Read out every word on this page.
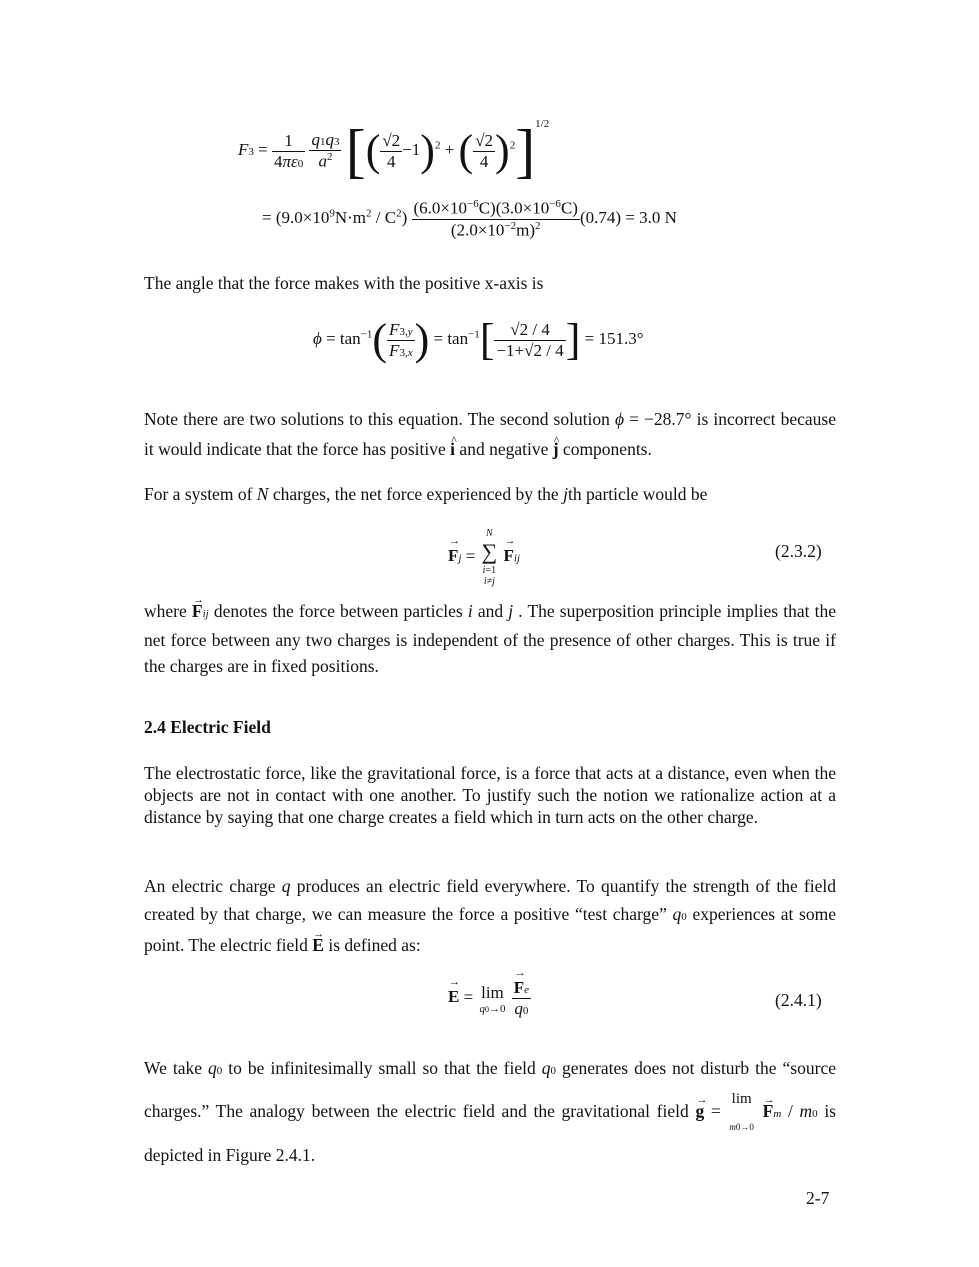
$F3 = \frac{1}{4\pi\varepsilon 0}$
$\frac{q1q3}{a^2}$ [( $\frac{√2}{4} -1)^2$ + ( $\frac{√2}{4} )^2]^{1/2}$
= $(9.0\times 10^9N\cdot m^2 / C^2) \frac{(6.0\times 10^{-6}C)(3.0\times 10^{-6}C)}{(2.0\times 10^{-2}m)^2} (0.74) = 3.0$ N
The angle that the force makes with the positive x-axis is
$\phi = \tan^{-1}( \frac{F3,y}{F3,x}$ ) = $\tan^{-1}[ \frac{√2 / 4}{-1+√2 / 4}$ ] = 151.3°
Note there are two solutions to this equation. The second solution ϕ = −28.7° is incorrect because it would indicate that the force has positive ^ i and negative ^ j components.
For a system of N charges, the net force experienced by the jth particle would be
→ Fj =
N
∑
i=1
i≠j
→ Fij	(2.3.2)
where → Fij denotes the force between particles i and j . The superposition principle implies that the net force between any two charges is independent of the presence of other charges. This is true if the charges are in fixed positions.
2.4 Electric Field
The electrostatic force, like the gravitational force, is a force that acts at a distance, even when the objects are not in contact with one another. To justify such the notion we rationalize action at a distance by saying that one charge creates a field which in turn acts on the other charge.
An electric charge q produces an electric field everywhere. To quantify the strength of the field created by that charge, we can measure the force a positive “test charge” q0 experiences at some point. The electric field → E is defined as:
→ E = lim
q0→0

→ $\frac{Fe}{q0}$	(2.4.1)
We take q0 to be infinitesimally small so that the field q0 generates does not disturb the “source charges.” The analogy between the electric field and the gravitational field → g =
lim
m0→0
→ Fm / m0 is depicted in Figure 2.4.1.
2-7
